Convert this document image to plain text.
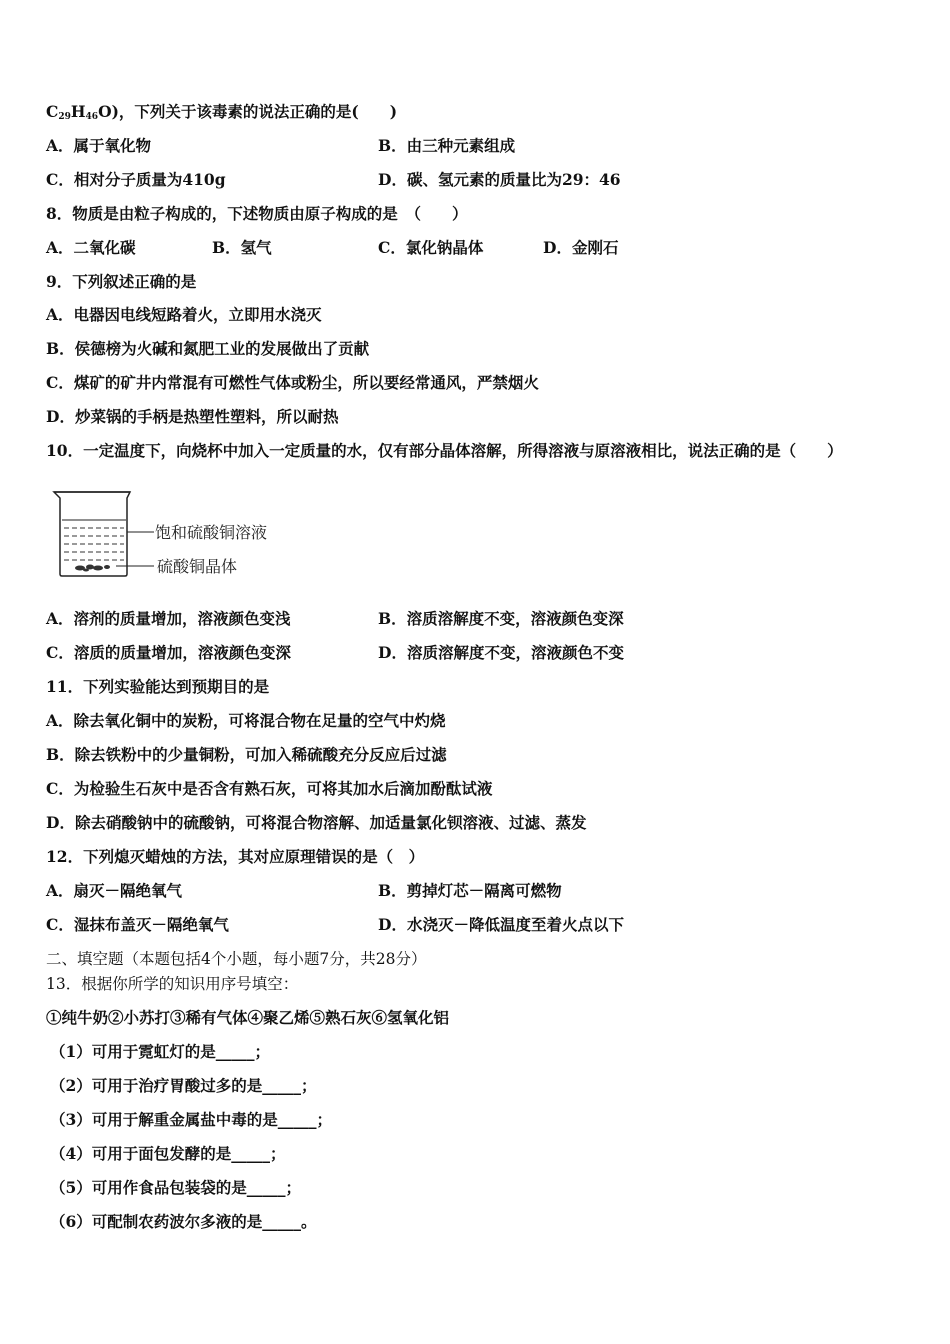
$C_{29}H_{46}O$)，下列关于该毒素的说法正确的是(　　)
A．属于氧化物	B．由三种元素组成
C．相对分子质量为410g	D．碳、氢元素的质量比为29：46
8．物质是由粒子构成的，下述物质由原子构成的是　（　　）
A．二氧化碳	B．氢气	C．氯化钠晶体	D．金刚石
9．下列叙述正确的是
A．电器因电线短路着火，立即用水浇灭
B．侯德榜为火碱和氮肥工业的发展做出了贡献
C．煤矿的矿井内常混有可燃性气体或粉尘，所以要经常通风，严禁烟火
D．炒菜锅的手柄是热塑性塑料，所以耐热
10．一定温度下，向烧杯中加入一定质量的水，仅有部分晶体溶解，所得溶液与原溶液相比，说法正确的是（　　）
饱和硫酸铜溶液
硫酸铜晶体
A．溶剂的质量增加，溶液颜色变浅	B．溶质溶解度不变，溶液颜色变深
C．溶质的质量增加，溶液颜色变深	D．溶质溶解度不变，溶液颜色不变
11．下列实验能达到预期目的是
A．除去氧化铜中的炭粉，可将混合物在足量的空气中灼烧
B．除去铁粉中的少量铜粉，可加入稀硫酸充分反应后过滤
C．为检验生石灰中是否含有熟石灰，可将其加水后滴加酚酞试液
D．除去硝酸钠中的硫酸钠，可将混合物溶解、加适量氯化钡溶液、过滤、蒸发
12．下列熄灭蜡烛的方法，其对应原理错误的是（　）
A．扇灭－隔绝氧气	B．剪掉灯芯－隔离可燃物
C．湿抹布盖灭－隔绝氧气	D．水浇灭－降低温度至着火点以下
二、填空题（本题包括4个小题，每小题7分，共28分）
13．根据你所学的知识用序号填空：
①纯牛奶②小苏打③稀有气体④聚乙烯⑤熟石灰⑥氢氧化铝
（1）可用于霓虹灯的是_____；
（2）可用于治疗胃酸过多的是_____；
（3）可用于解重金属盐中毒的是_____；
（4）可用于面包发酵的是_____；
（5）可用作食品包装袋的是_____；
（6）可配制农药波尔多液的是_____。
